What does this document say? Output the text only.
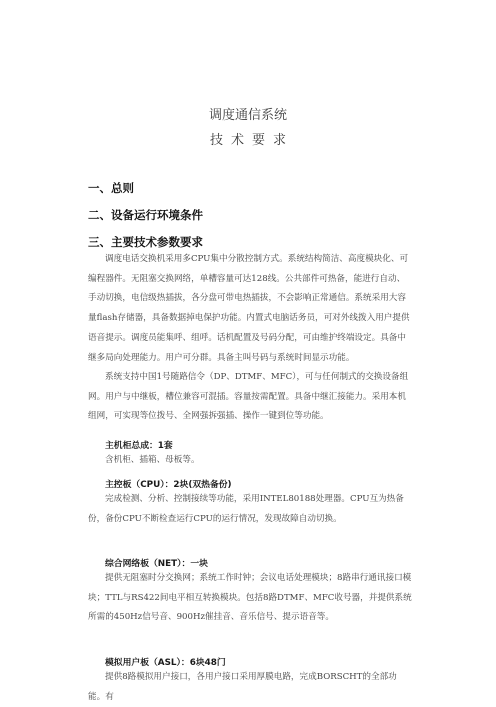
调度通信系统
技术要求
一、总则
二、设备运行环境条件
三、主要技术参数要求

调度电话交换机采用多CPU集中分散控制方式。系统结构简洁、高度模块化、可编程器件。无阻塞交换网络，单槽容量可达128线。公共部件可热备，能进行自动、手动切换，电信级热插拔，各分盘可带电热插拔，不会影响正常通信。系统采用大容量flash存储器，具备数据掉电保护功能。内置式电脑话务员，可对外线拨入用户提供语音提示。调度员能集呼、组呼。话机配置及号码分配，可由维护终端设定。具备中继多局向处理能力。用户可分群。具备主叫号码与系统时间显示功能。

系统支持中国1号随路信令（DP、DTMF、MFC），可与任何制式的交换设备组网。用户与中继板，槽位兼容可混插。容量按需配置。具备中继汇接能力。采用本机组网，可实现等位拨号、全网强拆强插、操作一键到位等功能。

主机柜总成：1套

含机柜、插箱、母板等。

主控板（CPU）：2块(双热备份)

完成检测、分析、控制接续等功能，采用INTEL80188处理器。CPU互为热备份，备份CPU不断检查运行CPU的运行情况，发现故障自动切换。

综合网络板（NET）：一块

提供无阻塞时分交换网；系统工作时钟；会议电话处理模块；8路串行通讯接口模块；TTL与RS422间电平相互转换模块。包括8路DTMF、MFC收号器，并提供系统所需的450Hz信号音、900Hz催挂音、音乐信号、提示语音等。

模拟用户板（ASL）：6块48门

提供8路模拟用户接口，各用户接口采用厚膜电路，完成BORSCHT的全部功能。有
